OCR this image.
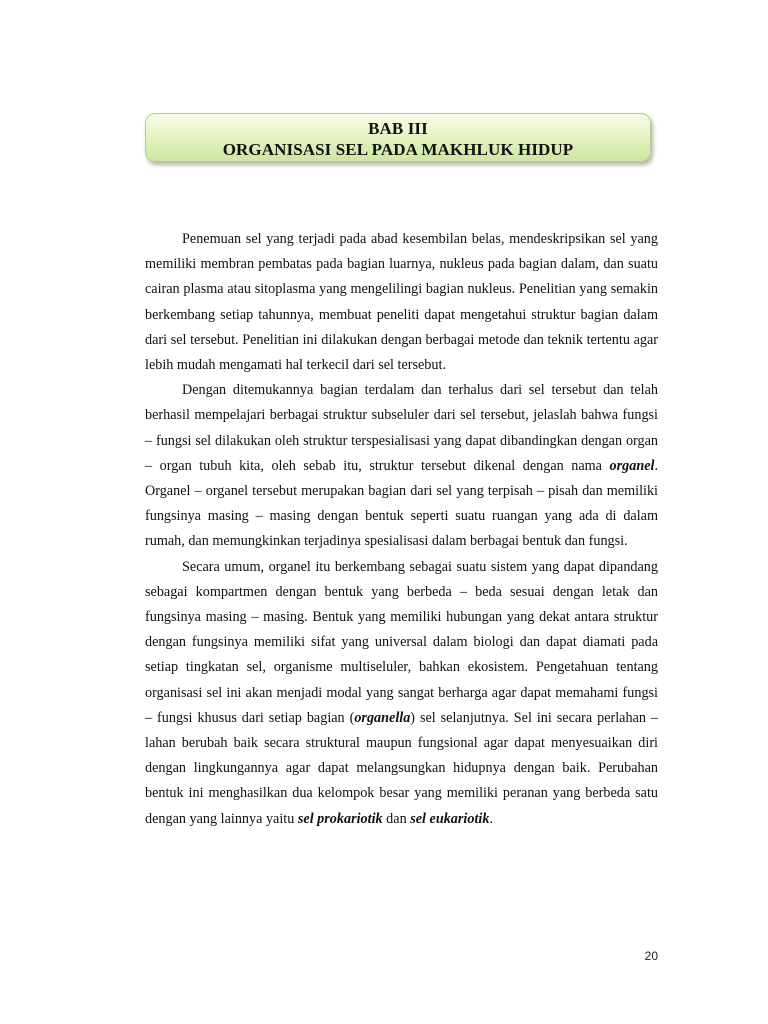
BAB III
ORGANISASI SEL PADA MAKHLUK HIDUP

Penemuan sel yang terjadi pada abad kesembilan belas, mendeskripsikan sel yang memiliki membran pembatas pada bagian luarnya, nukleus pada bagian dalam, dan suatu cairan plasma atau sitoplasma yang mengelilingi bagian nukleus. Penelitian yang semakin berkembang setiap tahunnya, membuat peneliti dapat mengetahui struktur bagian dalam dari sel tersebut. Penelitian ini dilakukan dengan berbagai metode dan teknik tertentu agar lebih mudah mengamati hal terkecil dari sel tersebut.

Dengan ditemukannya bagian terdalam dan terhalus dari sel tersebut dan telah berhasil mempelajari berbagai struktur subseluler dari sel tersebut, jelaslah bahwa fungsi – fungsi sel dilakukan oleh struktur terspesialisasi yang dapat dibandingkan dengan organ – organ tubuh kita, oleh sebab itu, struktur tersebut dikenal dengan nama organel. Organel – organel tersebut merupakan bagian dari sel yang terpisah – pisah dan memiliki fungsinya masing – masing dengan bentuk seperti suatu ruangan yang ada di dalam rumah, dan memungkinkan terjadinya spesialisasi dalam berbagai bentuk dan fungsi.

Secara umum, organel itu berkembang sebagai suatu sistem yang dapat dipandang sebagai kompartmen dengan bentuk yang berbeda – beda sesuai dengan letak dan fungsinya masing – masing. Bentuk yang memiliki hubungan yang dekat antara struktur dengan fungsinya memiliki sifat yang universal dalam biologi dan dapat diamati pada setiap tingkatan sel, organisme multiseluler, bahkan ekosistem. Pengetahuan tentang organisasi sel ini akan menjadi modal yang sangat berharga agar dapat memahami fungsi – fungsi khusus dari setiap bagian (organella) sel selanjutnya. Sel ini secara perlahan – lahan berubah baik secara struktural maupun fungsional agar dapat menyesuaikan diri dengan lingkungannya agar dapat melangsungkan hidupnya dengan baik. Perubahan bentuk ini menghasilkan dua kelompok besar yang memiliki peranan yang berbeda satu dengan yang lainnya yaitu sel prokariotik dan sel eukariotik.

20
